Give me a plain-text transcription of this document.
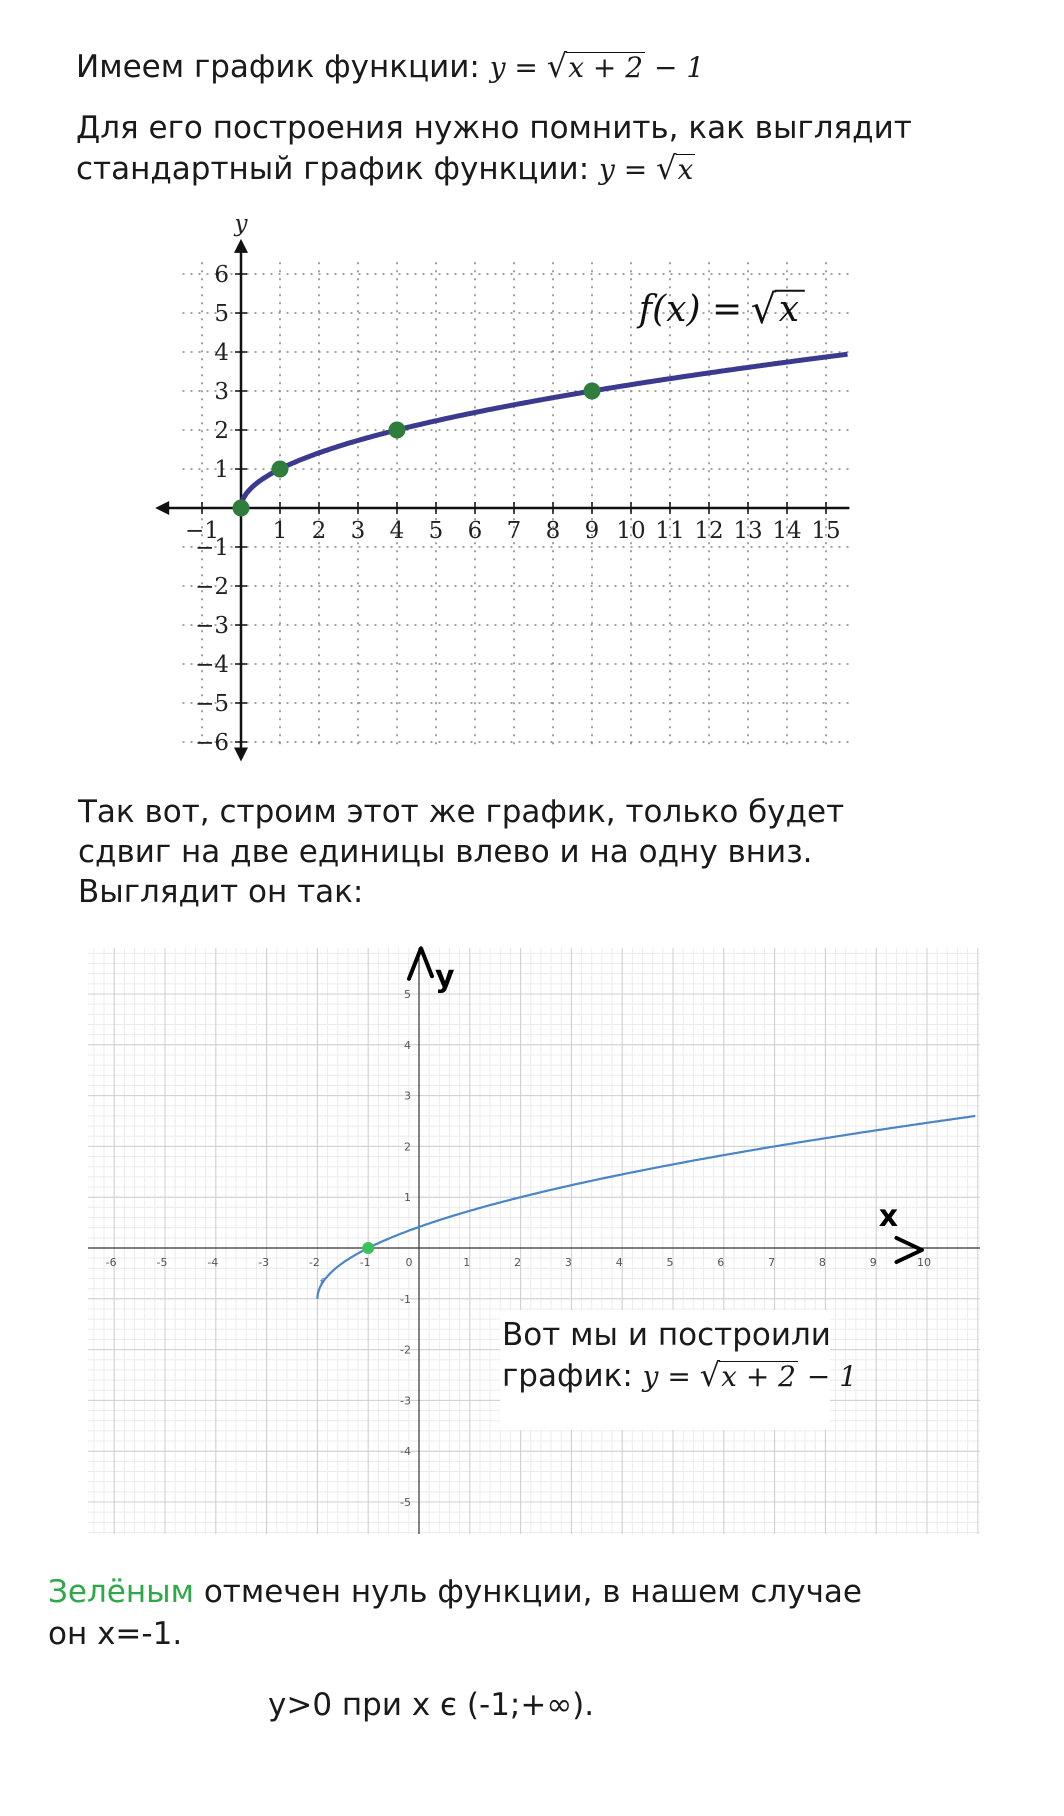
Имеем график функции: y = √x + 2 − 1
Для его построения нужно помнить, как выглядит
стандартный график функции: y = √x
y
−1 1 2 3 4 5 6 7 8 9 10 11 12 13 14 15
−6
−5
−4
−3
−2
−1
1
2
3
4
5
6
f(x) = √ x
Так вот, строим этот же график, только будет
сдвиг на две единицы влево и на одну вниз.
Выглядит он так:
x
y
-6	-5	-4	-3	-2	-1	0	1	2	3	4	5	6	7	8	9	10
-5
-4
-3
-2
-1
1
2
3
4
5
f
Вот мы и построили
график: y = √x + 2 − 1
Зелёным отмечен нуль функции, в нашем случае
он x=-1.
y>0 при x є (-1;+∞).
